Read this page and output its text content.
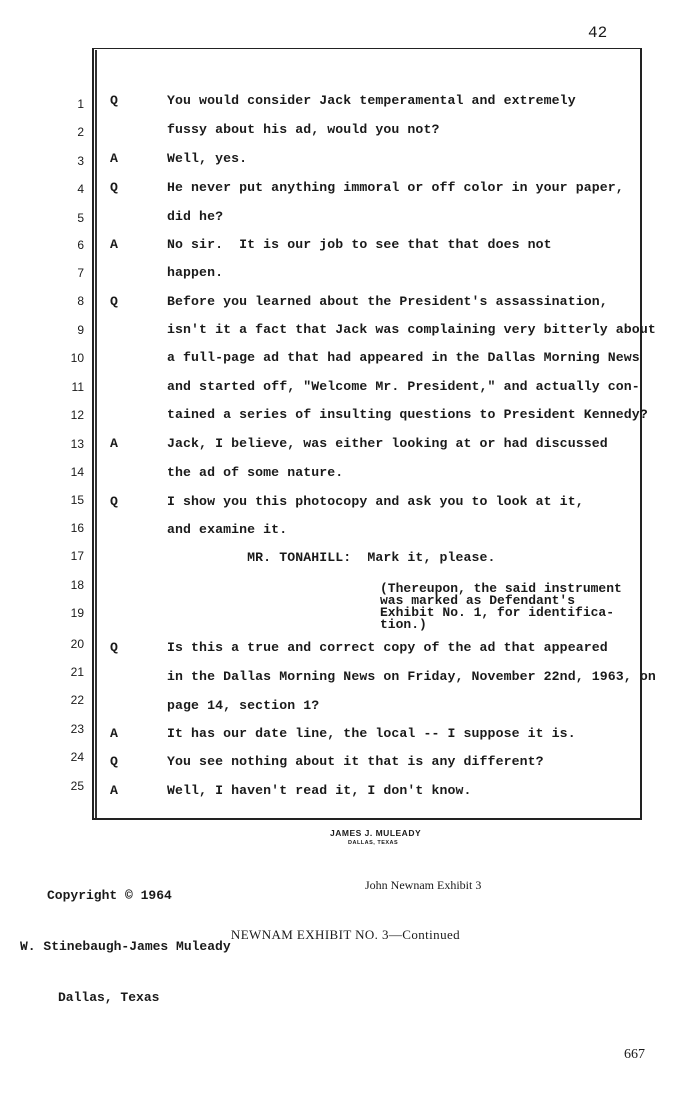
42
1 Q	You would consider Jack temperamental and extremely
2	fussy about his ad, would you not?
3 A	Well, yes.
4 Q	He never put anything immoral or off color in your paper,
5	did he?
6 A	No sir.  It is our job to see that that does not
7	happen.
8 Q	Before you learned about the President's assassination,
9	isn't it a fact that Jack was complaining very bitterly about
10	a full-page ad that had appeared in the Dallas Morning News
11	and started off, "Welcome Mr. President," and actually con-
12	tained a series of insulting questions to President Kennedy?
13 A	Jack, I believe, was either looking at or had discussed
14	the ad of some nature.
15 Q	I show you this photocopy and ask you to look at it,
16	and examine it.
17	MR. TONAHILL:  Mark it, please.
18
19
20 Q	Is this a true and correct copy of the ad that appeared
21	in the Dallas Morning News on Friday, November 22nd, 1963, on
22	page 14, section 1?
23 A	It has our date line, the local -- I suppose it is.
24 Q	You see nothing about it that is any different?
25 A	Well, I haven't read it, I don't know.
(Thereupon, the said instrument
was marked as Defendant's
Exhibit No. 1, for identifica-
tion.)
JAMES J. MULEADY
DALLAS, TEXAS

Copyright © 1964

W. Stinebaugh-James Muleady

Dallas, Texas

John Newnam Exhibit 3
NEWNAM EXHIBIT NO. 3—Continued
667
